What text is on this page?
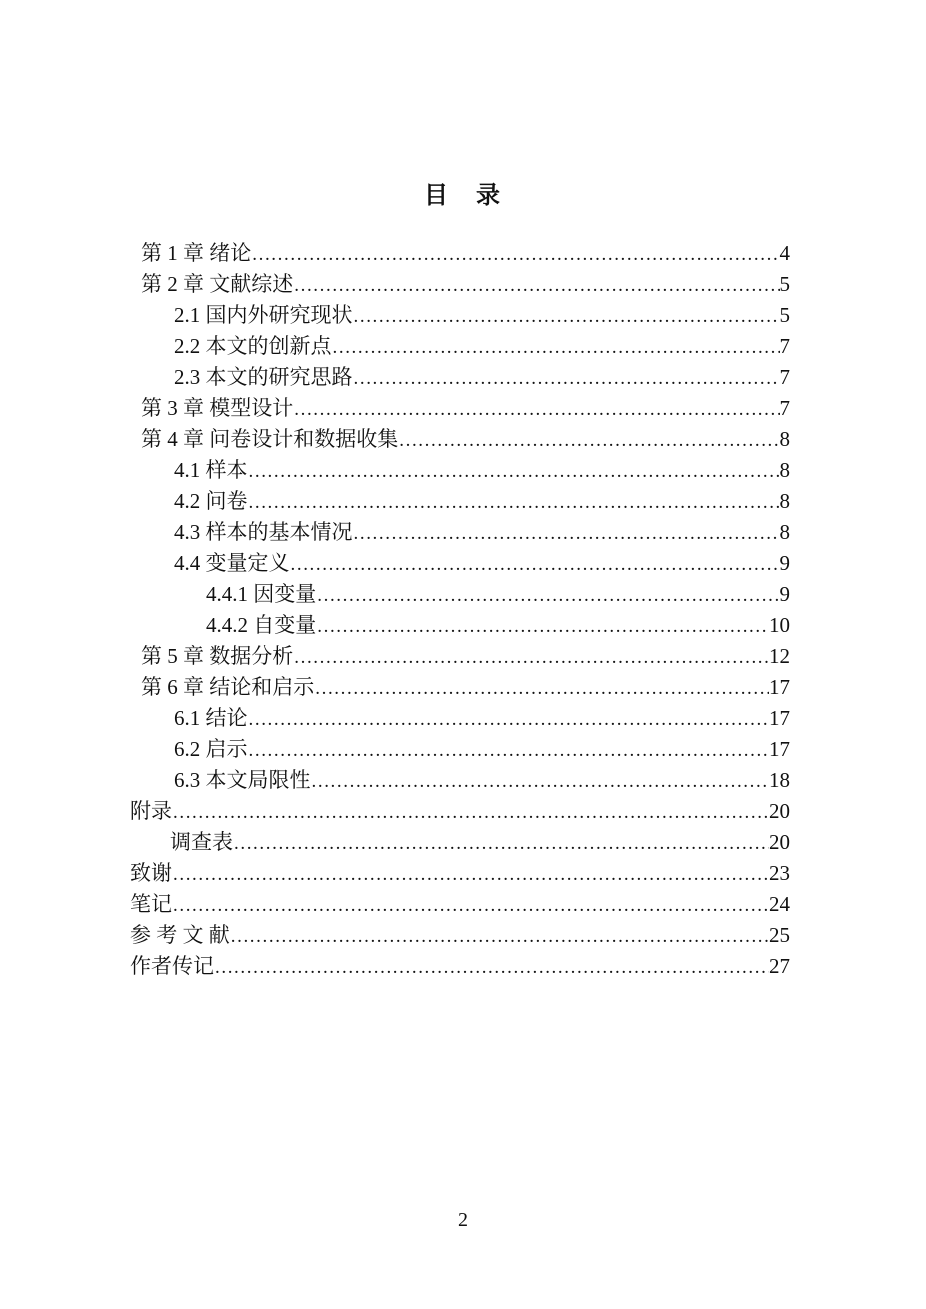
目　录
第 1 章 绪论 .....	4
第 2 章 文献综述 .....	5
2.1 国内外研究现状 .....	5
2.2 本文的创新点 .....	7
2.3 本文的研究思路 .....	7
第 3 章 模型设计 .....	7
第 4 章 问卷设计和数据收集 .....	8
4.1 样本 .....	8
4.2 问卷 .....	8
4.3 样本的基本情况 .....	8
4.4 变量定义 .....	9
4.4.1 因变量 .....	9
4.4.2 自变量 .....	10
第 5 章 数据分析 .....	12
第 6 章 结论和启示 .....	17
6.1 结论 .....	17
6.2 启示 .....	17
6.3 本文局限性 .....	18
附录 .....	20
调查表 .....	20
致谢 .....	23
笔记 .....	24
参 考 文 献 .....	25
作者传记 .....	27
2
